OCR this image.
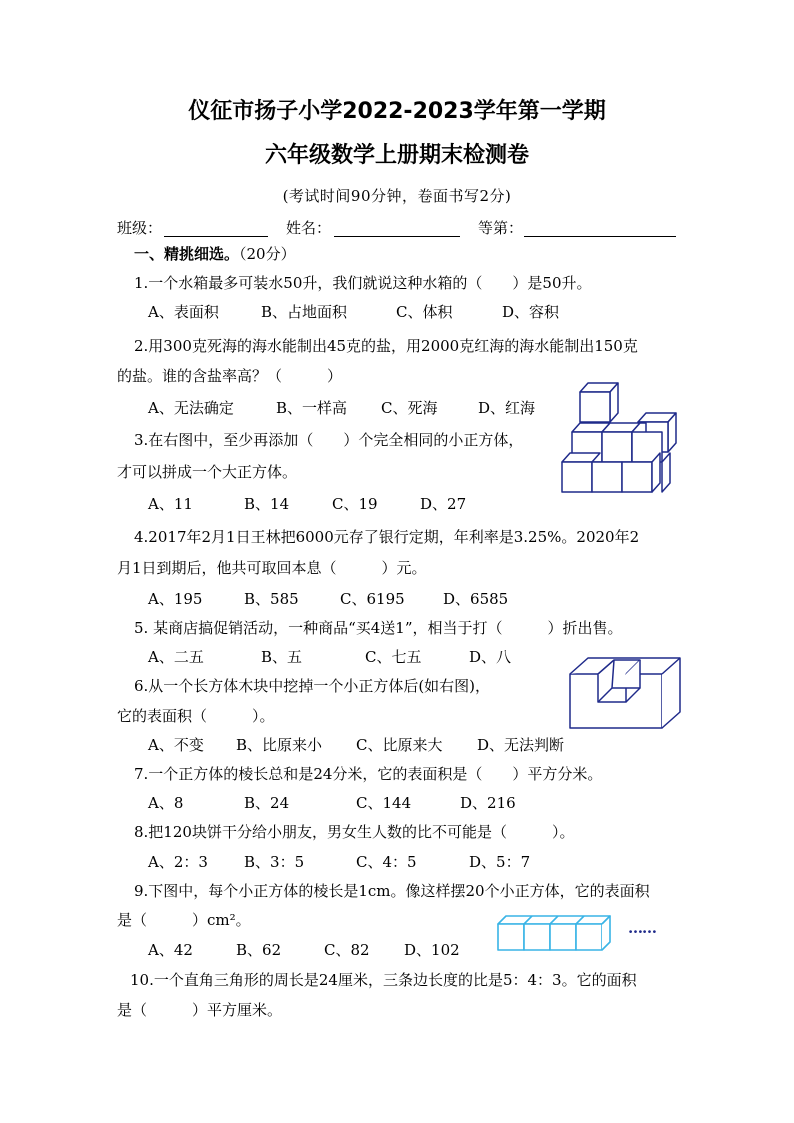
仪征市扬子小学2022-2023学年第一学期
六年级数学上册期末检测卷
(考试时间90分钟，卷面书写2分)
班级：	姓名：	等第：
一、精挑细选。（20分）
1.一个水箱最多可装水50升，我们就说这种水箱的（　　）是50升。
A、表面积	B、占地面积	C、体积	D、容积
2.用300克死海的海水能制出45克的盐，用2000克红海的海水能制出150克
的盐。谁的含盐率高？（　　　）
A、无法确定	B、一样高 C、死海	D、红海
3.在右图中，至少再添加（　　）个完全相同的小正方体，
才可以拼成一个大正方体。
A、11	B、14	C、19	D、27
4.2017年2月1日王林把6000元存了银行定期，年利率是3.25%。2020年2
月1日到期后，他共可取回本息（　　　）元。
A、195	B、585	C、6195	D、6585
5. 某商店搞促销活动，一种商品“买4送1”，相当于打（　　　）折出售。
A、二五	B、五	C、七五	D、八
6.从一个长方体木块中挖掉一个小正方体后(如右图)，
它的表面积（　　　）。
A、不变 B、比原来小 C、比原来大 D、无法判断
7.一个正方体的棱长总和是24分米，它的表面积是（　　）平方分米。
A、8	B、24	C、144	D、216
8.把120块饼干分给小朋友，男女生人数的比不可能是（　　　）。
A、2：3 B、3：5	C、4：5	D、5：7
9.下图中，每个小正方体的棱长是1cm。像这样摆20个小正方体，它的表面积
是（　　　）cm²。
A、42	B、62	C、82 D、102
……
10.一个直角三角形的周长是24厘米，三条边长度的比是5：4：3。它的面积
是（　　　）平方厘米。
